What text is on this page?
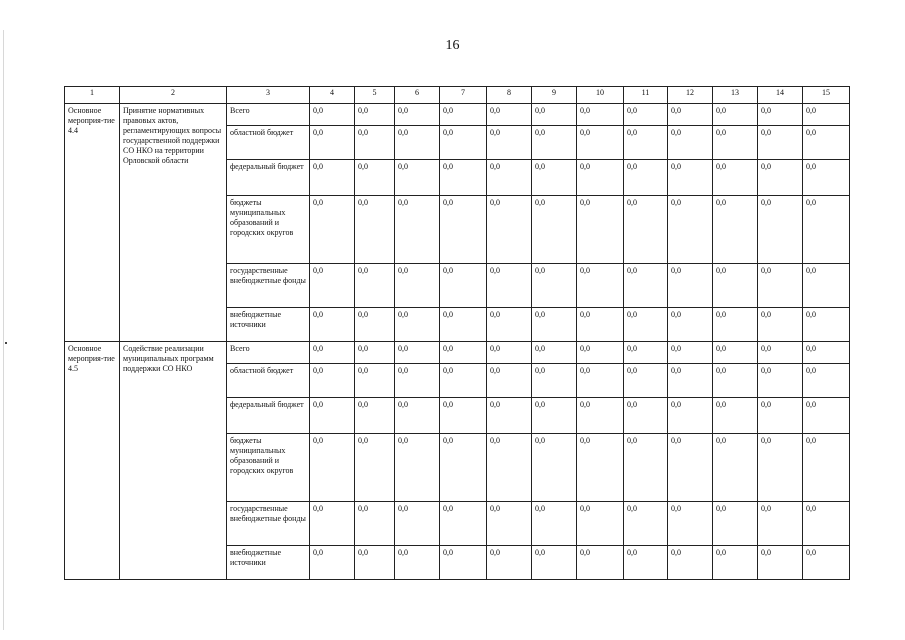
16
1	2	3	4	5	6	7	8	9	10	11	12	13	14	15
Основное мероприя-тие 4.4	Принятие нормативных правовых актов, регламентирующих вопросы государственной поддержки СО НКО на территории Орловской области	Всего	0,0	0,0	0,0	0,0	0,0	0,0	0,0	0,0	0,0	0,0	0,0	0,0
		областной бюджет	0,0	0,0	0,0	0,0	0,0	0,0	0,0	0,0	0,0	0,0	0,0	0,0
		федеральный бюджет	0,0	0,0	0,0	0,0	0,0	0,0	0,0	0,0	0,0	0,0	0,0	0,0
		бюджеты муниципальных образований и городских округов	0,0	0,0	0,0	0,0	0,0	0,0	0,0	0,0	0,0	0,0	0,0	0,0
		государственные внебюджетные фонды	0,0	0,0	0,0	0,0	0,0	0,0	0,0	0,0	0,0	0,0	0,0	0,0
		внебюджетные источники	0,0	0,0	0,0	0,0	0,0	0,0	0,0	0,0	0,0	0,0	0,0	0,0
Основное мероприя-тие 4.5	Содействие реализации муниципальных программ поддержки СО НКО	Всего	0,0	0,0	0,0	0,0	0,0	0,0	0,0	0,0	0,0	0,0	0,0	0,0
		областной бюджет	0,0	0,0	0,0	0,0	0,0	0,0	0,0	0,0	0,0	0,0	0,0	0,0
		федеральный бюджет	0,0	0,0	0,0	0,0	0,0	0,0	0,0	0,0	0,0	0,0	0,0	0,0
		бюджеты муниципальных образований и городских округов	0,0	0,0	0,0	0,0	0,0	0,0	0,0	0,0	0,0	0,0	0,0	0,0
		государственные внебюджетные фонды	0,0	0,0	0,0	0,0	0,0	0,0	0,0	0,0	0,0	0,0	0,0	0,0
		внебюджетные источники	0,0	0,0	0,0	0,0	0,0	0,0	0,0	0,0	0,0	0,0	0,0	0,0
